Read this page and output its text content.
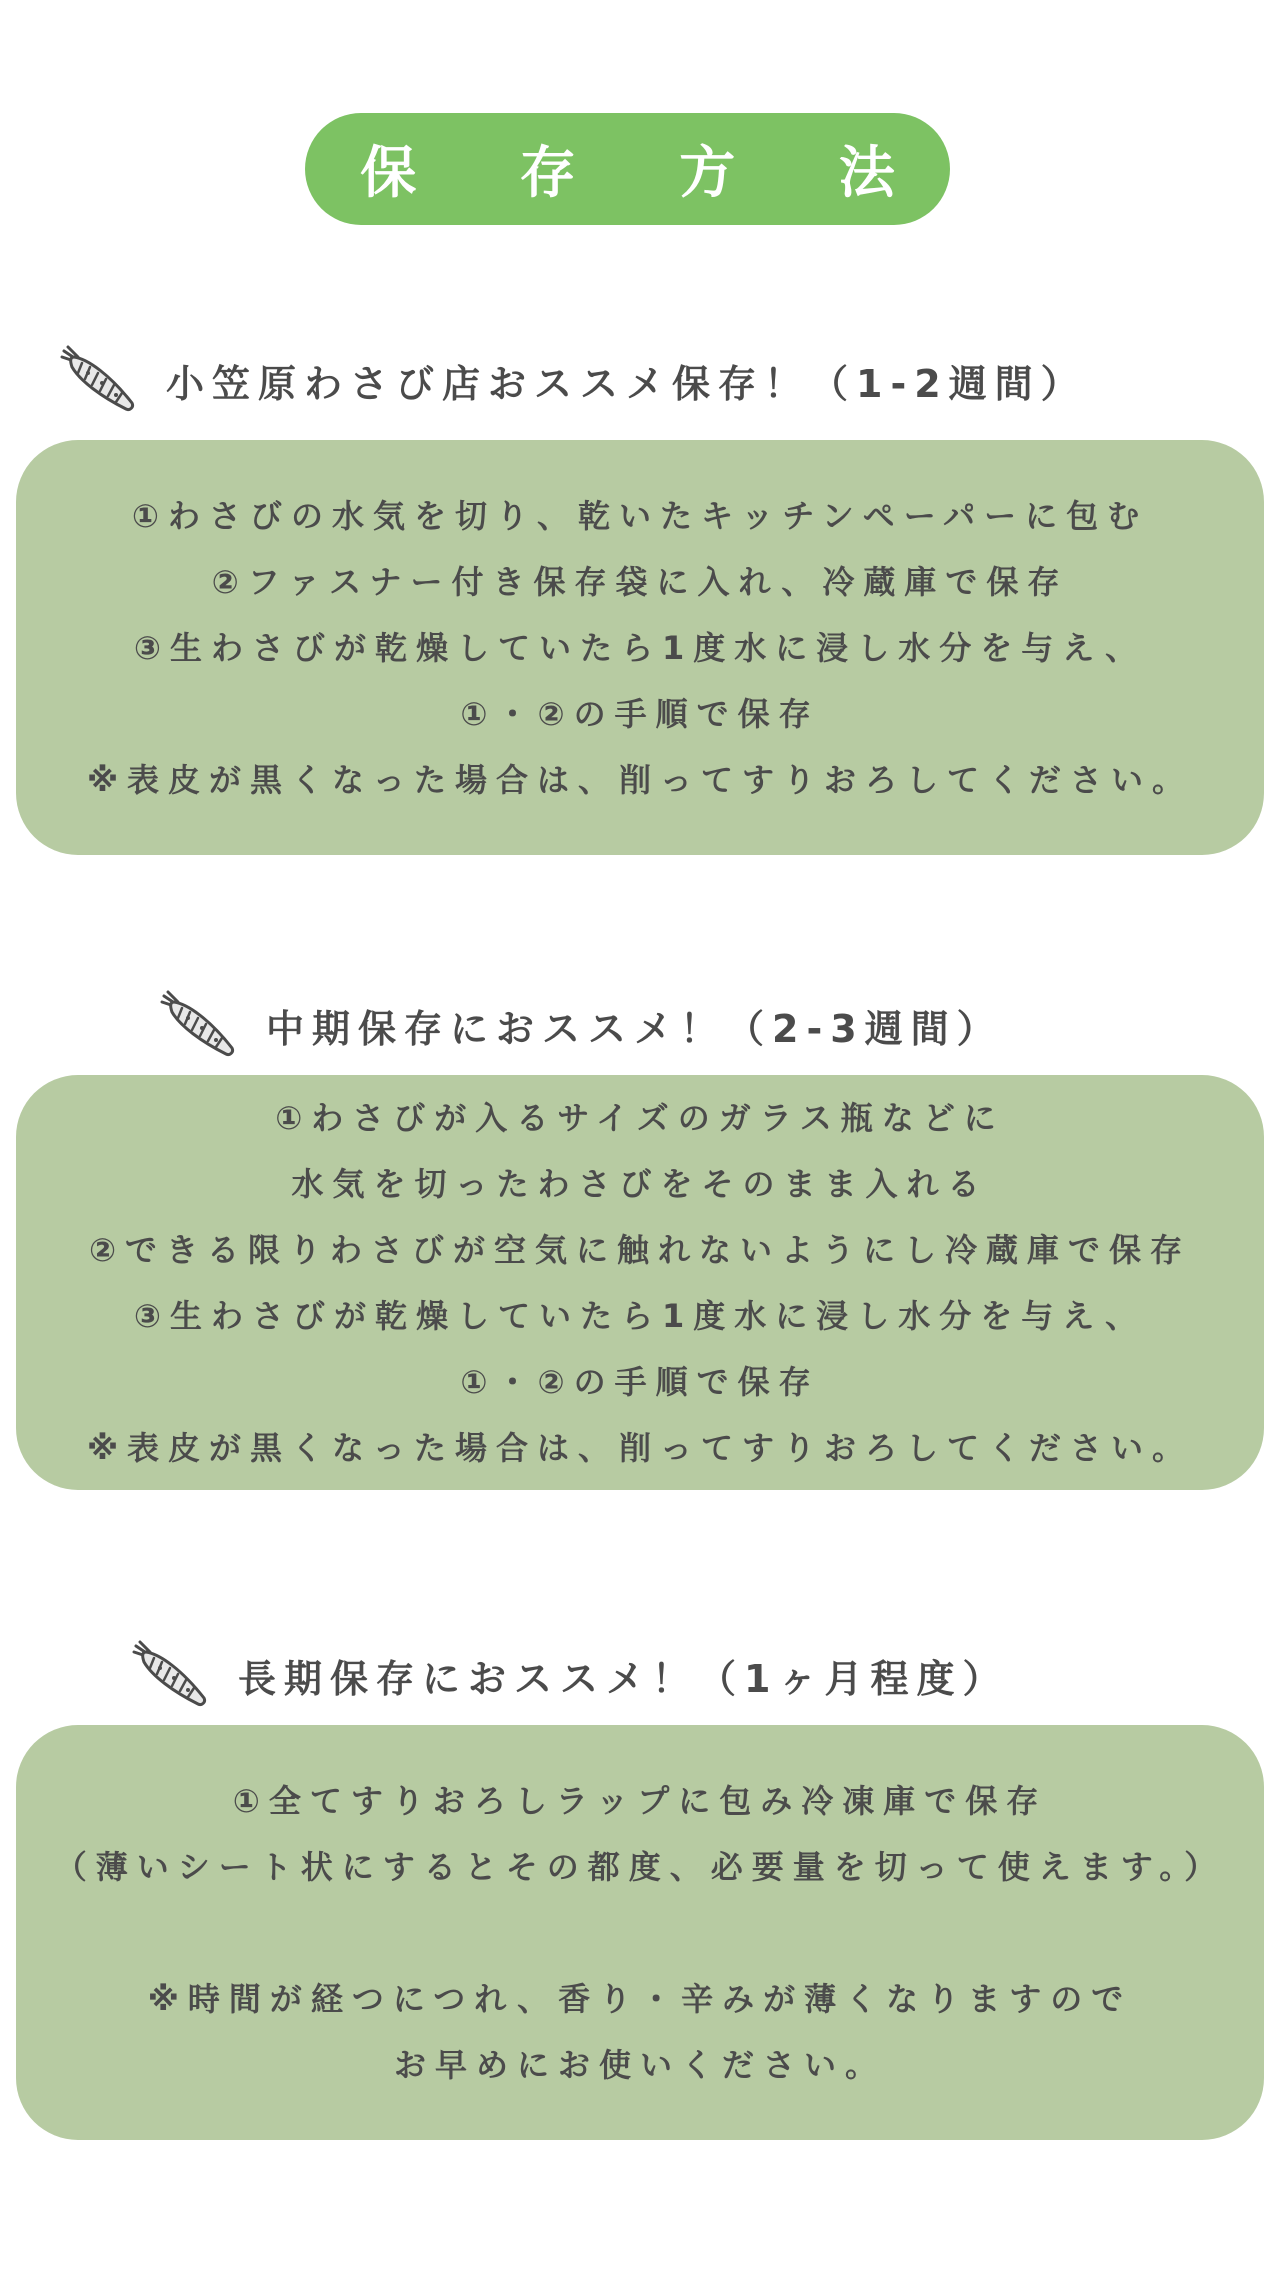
保 存 方 法
小笠原わさび店おススメ保存！（1-2週間）
①わさびの水気を切り、乾いたキッチンペーパーに包む
②ファスナー付き保存袋に入れ、冷蔵庫で保存
③生わさびが乾燥していたら1度水に浸し水分を与え、
①・②の手順で保存
※表皮が黒くなった場合は、削ってすりおろしてください。
中期保存におススメ！（2-3週間）
①わさびが入るサイズのガラス瓶などに
水気を切ったわさびをそのまま入れる
②できる限りわさびが空気に触れないようにし冷蔵庫で保存
③生わさびが乾燥していたら1度水に浸し水分を与え、
①・②の手順で保存
※表皮が黒くなった場合は、削ってすりおろしてください。
長期保存におススメ！（1ヶ月程度）
①全てすりおろしラップに包み冷凍庫で保存
（薄いシート状にするとその都度、必要量を切って使えます。）
※時間が経つにつれ、香り・辛みが薄くなりますので
お早めにお使いください。
